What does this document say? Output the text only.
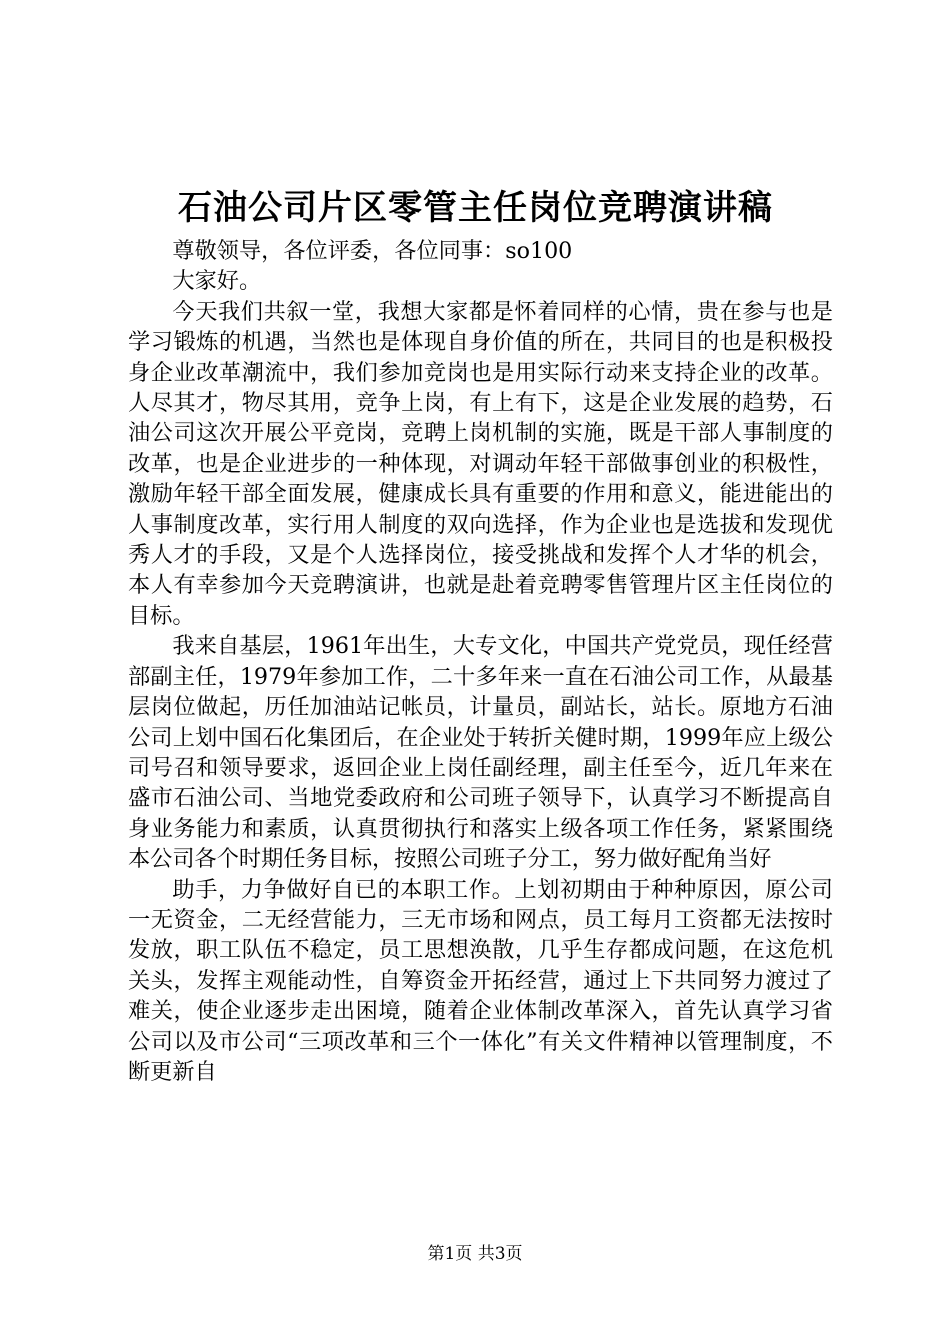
石油公司片区零管主任岗位竞聘演讲稿

尊敬领导，各位评委，各位同事：so100

大家好。

今天我们共叙一堂，我想大家都是怀着同样的心情，贵在参与也是学习锻炼的机遇，当然也是体现自身价值的所在，共同目的也是积极投身企业改革潮流中，我们参加竞岗也是用实际行动来支持企业的改革。人尽其才，物尽其用，竞争上岗，有上有下，这是企业发展的趋势，石油公司这次开展公平竞岗，竞聘上岗机制的实施，既是干部人事制度的改革，也是企业进步的一种体现，对调动年轻干部做事创业的积极性，激励年轻干部全面发展，健康成长具有重要的作用和意义，能进能出的人事制度改革，实行用人制度的双向选择，作为企业也是选拔和发现优秀人才的手段，又是个人选择岗位，接受挑战和发挥个人才华的机会，本人有幸参加今天竞聘演讲，也就是赴着竞聘零售管理片区主任岗位的目标。

我来自基层，1961年出生，大专文化，中国共产党党员，现任经营部副主任，1979年参加工作，二十多年来一直在石油公司工作，从最基层岗位做起，历任加油站记帐员，计量员，副站长，站长。原地方石油公司上划中国石化集团后，在企业处于转折关健时期，1999年应上级公司号召和领导要求，返回企业上岗任副经理，副主任至今，近几年来在盛市石油公司、当地党委政府和公司班子领导下，认真学习不断提高自身业务能力和素质，认真贯彻执行和落实上级各项工作任务，紧紧围绕本公司各个时期任务目标，按照公司班子分工，努力做好配角当好

助手，力争做好自已的本职工作。上划初期由于种种原因，原公司一无资金，二无经营能力，三无市场和网点，员工每月工资都无法按时发放，职工队伍不稳定，员工思想涣散，几乎生存都成问题，在这危机关头，发挥主观能动性，自筹资金开拓经营，通过上下共同努力渡过了难关，使企业逐步走出困境，随着企业体制改革深入，首先认真学习省公司以及市公司“三项改革和三个一体化”有关文件精神以管理制度，不断更新自

第1页 共3页
